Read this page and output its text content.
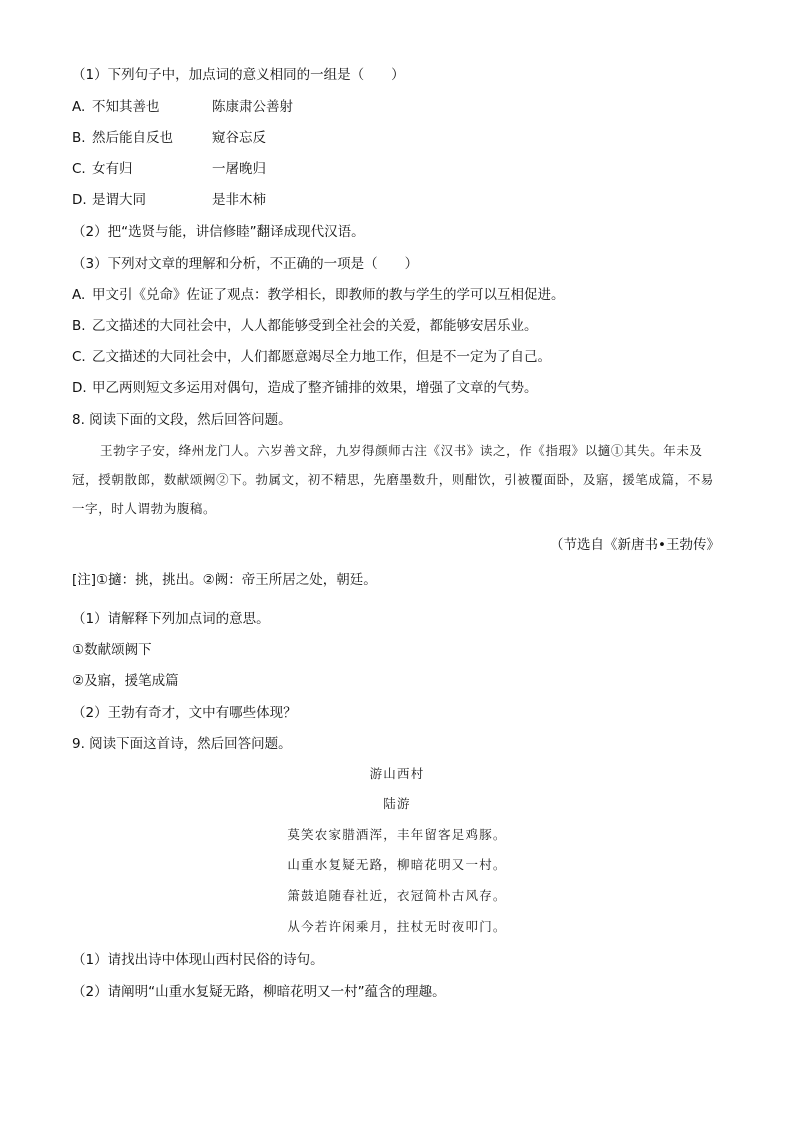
（1）下列句子中，加点词的意义相同的一组是（　　）
A. 不知其善也	陈康肃公善射
B. 然后能自反也	窥谷忘反
C. 女有归	一屠晚归
D. 是谓大同	是非木柿
（2）把“选贤与能，讲信修睦”翻译成现代汉语。
（3）下列对文章的理解和分析，不正确的一项是（　　）
A. 甲文引《兑命》佐证了观点：教学相长，即教师的教与学生的学可以互相促进。
B. 乙文描述的大同社会中，人人都能够受到全社会的关爱，都能够安居乐业。
C. 乙文描述的大同社会中，人们都愿意竭尽全力地工作，但是不一定为了自己。
D. 甲乙两则短文多运用对偶句，造成了整齐铺排的效果，增强了文章的气势。
8. 阅读下面的文段，然后回答问题。
王勃字子安，绛州龙门人。六岁善文辞，九岁得颜师古注《汉书》读之，作《指瑕》以擿①其失。年未及冠，授朝散郎，数献颂阙②下。勃属文，初不精思，先磨墨数升，则酣饮，引被覆面卧，及寤，援笔成篇，不易一字，时人谓勃为腹稿。
（节选自《新唐书•王勃传》
[注]①擿：挑，挑出。②阙：帝王所居之处，朝廷。
（1）请解释下列加点词的意思。
①数献颂阙下
②及寤，援笔成篇
（2）王勃有奇才，文中有哪些体现？
9. 阅读下面这首诗，然后回答问题。
游山西村
陆游
莫笑农家腊酒浑，丰年留客足鸡豚。
山重水复疑无路，柳暗花明又一村。
箫鼓追随春社近，衣冠简朴古风存。
从今若许闲乘月，拄杖无时夜叩门。
（1）请找出诗中体现山西村民俗的诗句。
（2）请阐明“山重水复疑无路，柳暗花明又一村”蕴含的理趣。
